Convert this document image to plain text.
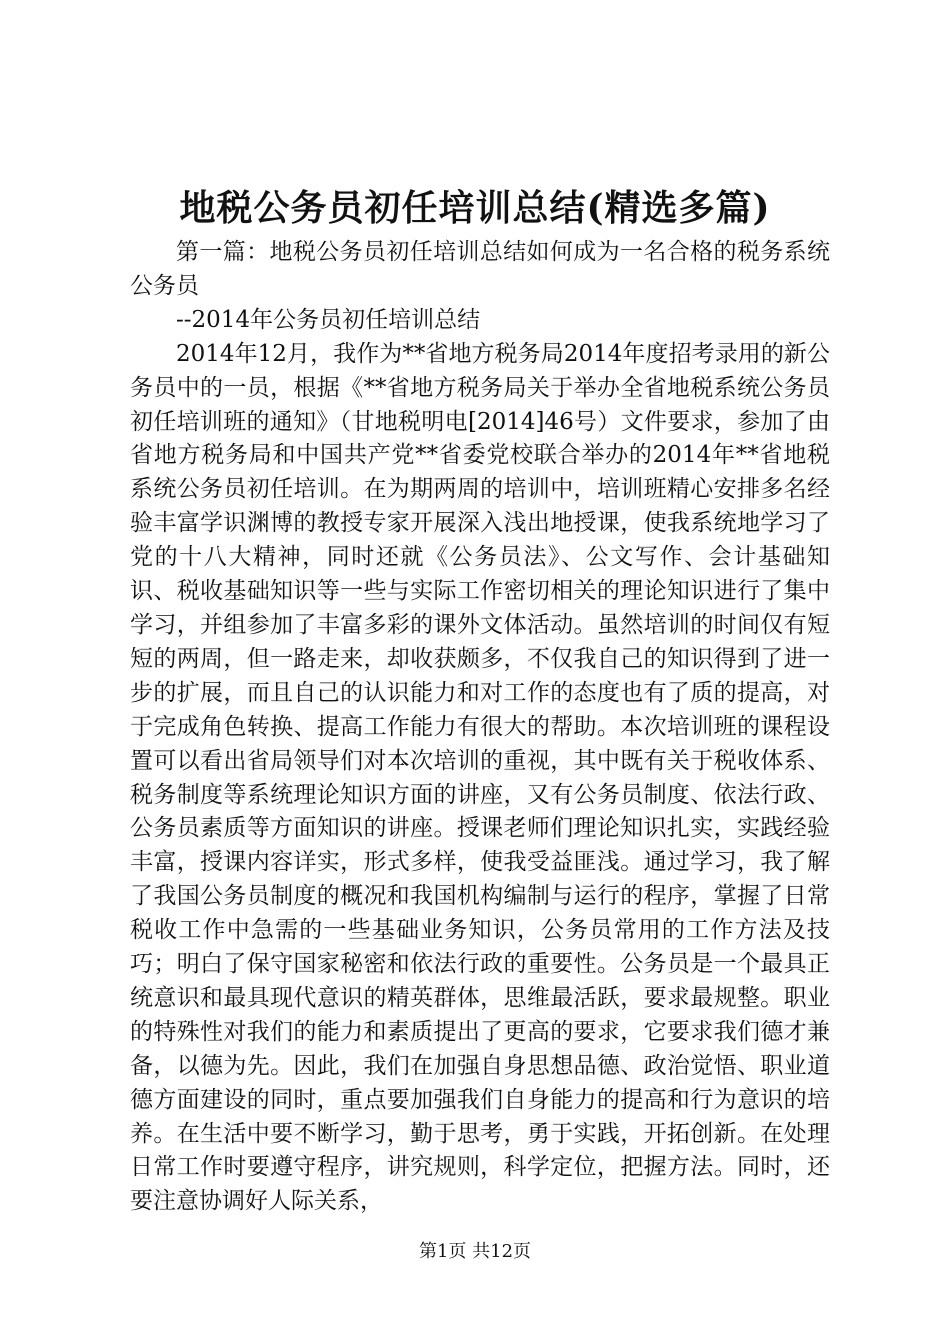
地税公务员初任培训总结(精选多篇)

第一篇：地税公务员初任培训总结如何成为一名合格的税务系统公务员

--2014年公务员初任培训总结

2014年12月，我作为**省地方税务局2014年度招考录用的新公务员中的一员，根据《**省地方税务局关于举办全省地税系统公务员初任培训班的通知》（甘地税明电[2014]46号）文件要求，参加了由省地方税务局和中国共产党**省委党校联合举办的2014年**省地税系统公务员初任培训。在为期两周的培训中，培训班精心安排多名经验丰富学识渊博的教授专家开展深入浅出地授课，使我系统地学习了党的十八大精神，同时还就《公务员法》、公文写作、会计基础知识、税收基础知识等一些与实际工作密切相关的理论知识进行了集中学习，并组参加了丰富多彩的课外文体活动。虽然培训的时间仅有短短的两周，但一路走来，却收获颇多，不仅我自己的知识得到了进一步的扩展，而且自己的认识能力和对工作的态度也有了质的提高，对于完成角色转换、提高工作能力有很大的帮助。本次培训班的课程设置可以看出省局领导们对本次培训的重视，其中既有关于税收体系、税务制度等系统理论知识方面的讲座，又有公务员制度、依法行政、公务员素质等方面知识的讲座。授课老师们理论知识扎实，实践经验丰富，授课内容详实，形式多样，使我受益匪浅。通过学习，我了解了我国公务员制度的概况和我国机构编制与运行的程序，掌握了日常税收工作中急需的一些基础业务知识，公务员常用的工作方法及技巧；明白了保守国家秘密和依法行政的重要性。公务员是一个最具正统意识和最具现代意识的精英群体，思维最活跃，要求最规整。职业的特殊性对我们的能力和素质提出了更高的要求，它要求我们德才兼备，以德为先。因此，我们在加强自身思想品德、政治觉悟、职业道德方面建设的同时，重点要加强我们自身能力的提高和行为意识的培养。在生活中要不断学习，勤于思考，勇于实践，开拓创新。在处理日常工作时要遵守程序，讲究规则，科学定位，把握方法。同时，还要注意协调好人际关系，

第1页 共12页
